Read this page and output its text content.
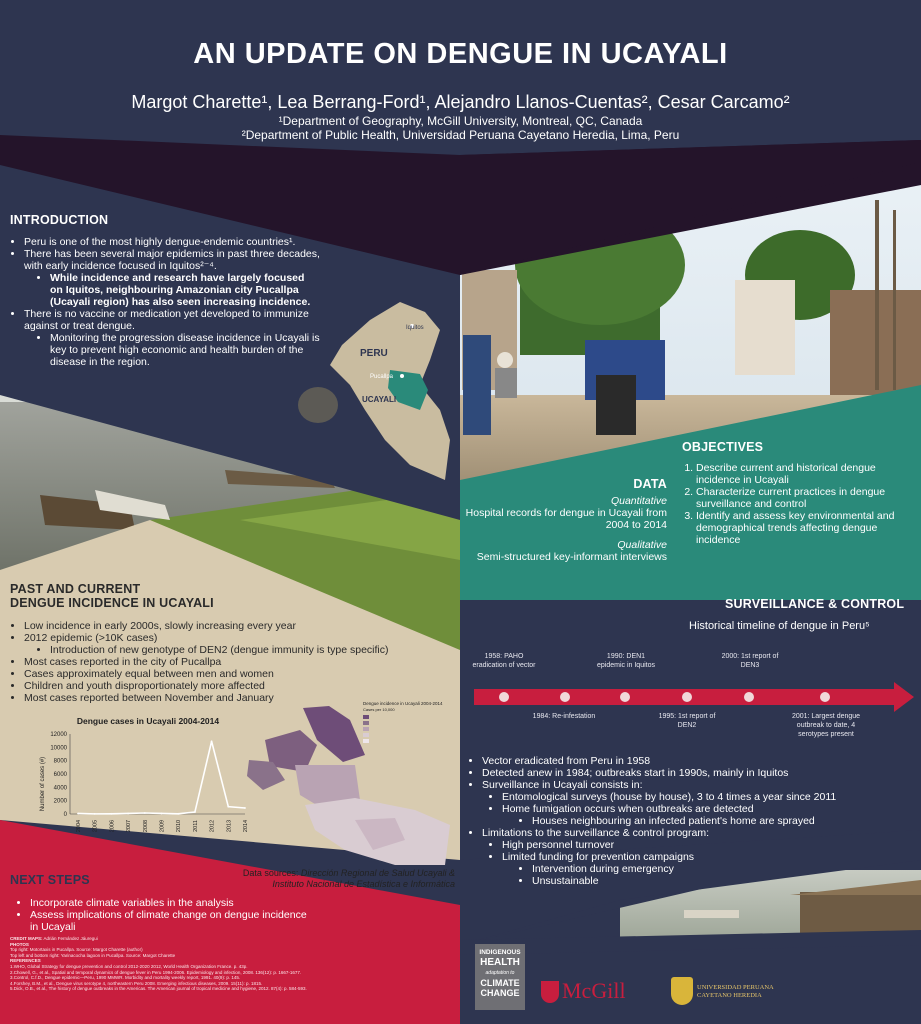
AN UPDATE ON DENGUE IN UCAYALI
Margot Charette¹, Lea Berrang-Ford¹, Alejandro Llanos-Cuentas², Cesar Carcamo²
¹Department of Geography, McGill University, Montreal, QC, Canada
²Department of Public Health, Universidad Peruana Cayetano Heredia, Lima, Peru
INTRODUCTION
• Peru is one of the most highly dengue-endemic countries¹.
• There has been several major epidemics in past three decades, with early incidence focused in Iquitos²⁻⁴.
• While incidence and research have largely focused on Iquitos, neighbouring Amazonian city Pucallpa (Ucayali region) has also seen increasing incidence.
• There is no vaccine or medication yet developed to immunize against or treat dengue.
• Monitoring the progression disease incidence in Ucayali is key to prevent high economic and health burden of the disease in the region.
PERU
UCAYALI
Iquitos
Pucallpa
PAST AND CURRENT
DENGUE INCIDENCE IN UCAYALI
• Low incidence in early 2000s, slowly increasing every year
• 2012 epidemic (>10K cases)
• Introduction of new genotype of DEN2 (dengue immunity is type specific)
• Most cases reported in the city of Pucallpa
• Cases approximately equal between men and women
• Children and youth disproportionately more affected
• Most cases reported between November and January
Dengue cases in Ucayali 2004-2014
Number of cases (#)
0
2000
4000
6000
8000
10000
12000
2004 2005 2006 2007 2008 2009 2010 2011 2012 2013 2014
Dengue incidence in Ucayali 2004-2014
Cases per 10,000
Data sources: Dirección Regional de Salud Ucayali &
Instituto Nacional de Estadística e Informática
NEXT STEPS
• Incorporate climate variables in the analysis
• Assess implications of climate change on dengue incidence in Ucayali
CREDIT MAPS: Adrián Fernández Jáuregui
PHOTOS
Top right: Motortaxis in Pucallpa. Source: Margot Charette (author)
Top left and bottom right: Yarinacocha lagoon in Pucallpa. Source: Margot Charette
REFERENCES
1.WHO, Global Strategy for dengue prevention and control 2012-2020 2012, World Health Organization France. p. 43p.
2.Chowell, G., et al., Spatial and temporal dynamics of dengue fever in Peru 1994-2006. Epidemiology and infection, 2008. 136(12): p. 1667-1677.
3.Control, C.f.D., Dengue epidemic—Peru, 1990 MMWR. Morbidity and mortality weekly report, 1991. 40(9): p. 145.
4.Forshey, B.M., et al., Dengue virus serotype 4, northeastern Peru 2008. Emerging infectious diseases, 2009. 15(11): p. 1815.
5.Dick, O.B., et al., The history of dengue outbreaks in the Americas. The American journal of tropical medicine and hygiene, 2012. 87(4): p. 584-593.
DATA
Quantitative
Hospital records for dengue in Ucayali from 2004 to 2014
Qualitative
Semi-structured key-informant interviews
OBJECTIVES
1. Describe current and historical dengue incidence in Ucayali
2. Characterize current practices in dengue surveillance and control
3. Identify and assess key environmental and demographical trends affecting dengue incidence
SURVEILLANCE & CONTROL
Historical timeline of dengue in Peru⁵
1958: PAHO eradication of vector
1990: DEN1 epidemic in Iquitos
2000: 1st report of DEN3
1984: Re-infestation	1995: 1st report of DEN2
2001: Largest dengue outbreak to date, 4 serotypes present
• Vector eradicated from Peru in 1958
• Detected anew in 1984; outbreaks start in 1990s, mainly in Iquitos
• Surveillance in Ucayali consists in:
• Entomological surveys (house by house), 3 to 4 times a year since 2011
• Home fumigation occurs when outbreaks are detected
• Houses neighbouring an infected patient's home are sprayed
• Limitations to the surveillance & control program:
• High personnel turnover
• Limited funding for prevention campaigns
• Intervention during emergency
• Unsustainable
INDIGENOUS
HEALTH
adaptation to
CLIMATE
CHANGE McGill	UNIVERSIDAD PERUANA
CAYETANO HEREDIA
